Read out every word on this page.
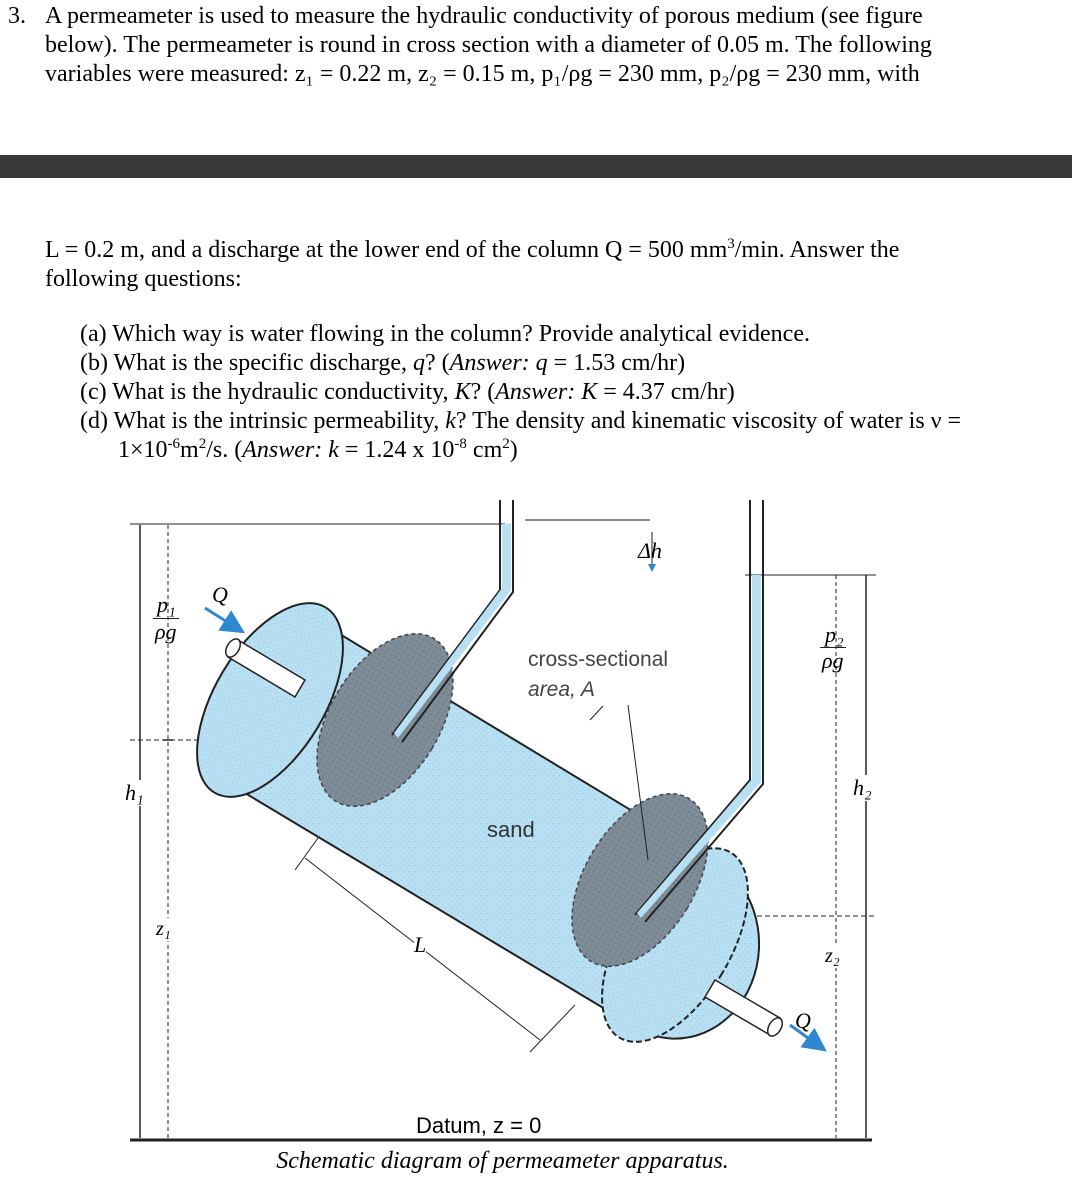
3. A permeameter is used to measure the hydraulic conductivity of porous medium (see figure
below). The permeameter is round in cross section with a diameter of 0.05 m. The following
variables were measured: z₁ = 0.22 m, z₂ = 0.15 m, p₁/ρg = 230 mm, p₂/ρg = 230 mm, with
L = 0.2 m, and a discharge at the lower end of the column Q = 500 $mm^3/\min$. Answer the
following questions:
(a) Which way is water flowing in the column? Provide analytical evidence.
(b) What is the specific discharge, q? (Answer: q = 1.53 cm/hr)
(c) What is the hydraulic conductivity, K? (Answer: K = 4.37 cm/hr)
(d) What is the intrinsic permeability, k? The density and kinematic viscosity of water is ν =
$1\times 10^{-6}m^2/s$. (Answer: k = 1.24 x $10^{-8}$ $cm^2$)
p₁
ρg
Q
p₂
ρg
Δh
cross-sectional
area, A
sand
h₁	h₂
z₁
z₂
L
Q
Datum, z = 0
Schematic diagram of permeameter apparatus.
